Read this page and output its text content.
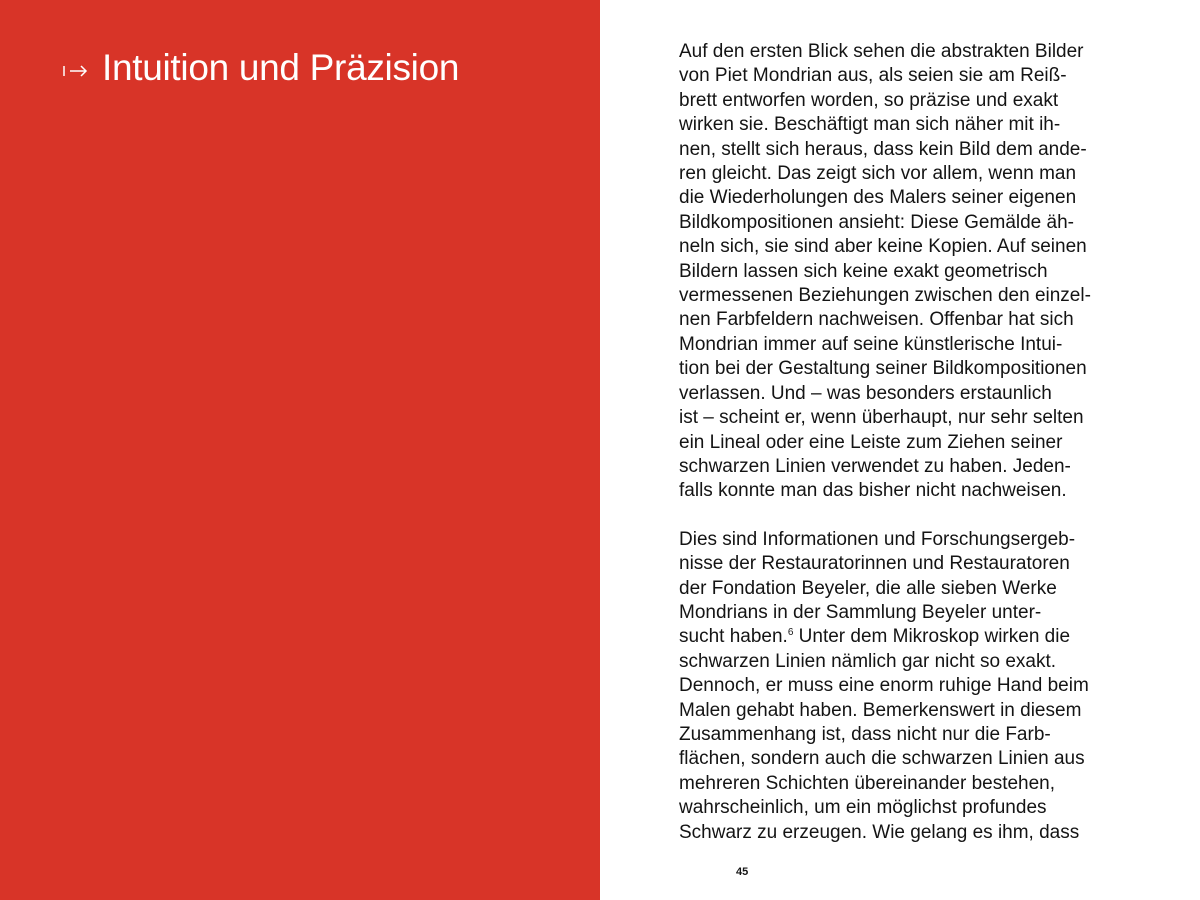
Intuition und Präzision	Auf den ersten Blick sehen die abstrakten Bilder
von Piet Mondrian aus, als seien sie am Reiß-
brett entworfen worden, so präzise und exakt
wirken sie. Beschäftigt man sich näher mit ih-
nen, stellt sich heraus, dass kein Bild dem ande-
ren gleicht. Das zeigt sich vor allem, wenn man
die Wiederholungen des Malers seiner eigenen
Bildkompositionen ansieht: Diese Gemälde äh-
neln sich, sie sind aber keine Kopien. Auf seinen
Bildern lassen sich keine exakt geometrisch
vermessenen Beziehungen zwischen den einzel-
nen Farbfeldern nachweisen. Offenbar hat sich
Mondrian immer auf seine künstlerische Intui-
tion bei der Gestaltung seiner Bildkompositionen
verlassen. Und – was besonders erstaunlich
ist – scheint er, wenn überhaupt, nur sehr selten
ein Lineal oder eine Leiste zum Ziehen seiner
schwarzen Linien verwendet zu haben. Jeden-
falls konnte man das bisher nicht nachweisen.

Dies sind Informationen und Forschungsergeb-
nisse der Restauratorinnen und Restauratoren
der Fondation Beyeler, die alle sieben Werke
Mondrians in der Sammlung Beyeler unter-
sucht haben.$^6$ Unter dem Mikroskop wirken die
schwarzen Linien nämlich gar nicht so exakt.
Dennoch, er muss eine enorm ruhige Hand beim
Malen gehabt haben. Bemerkenswert in diesem
Zusammenhang ist, dass nicht nur die Farb-
flächen, sondern auch die schwarzen Linien aus
mehreren Schichten übereinander bestehen,
wahrscheinlich, um ein möglichst profundes
Schwarz zu erzeugen. Wie gelang es ihm, dass

45
